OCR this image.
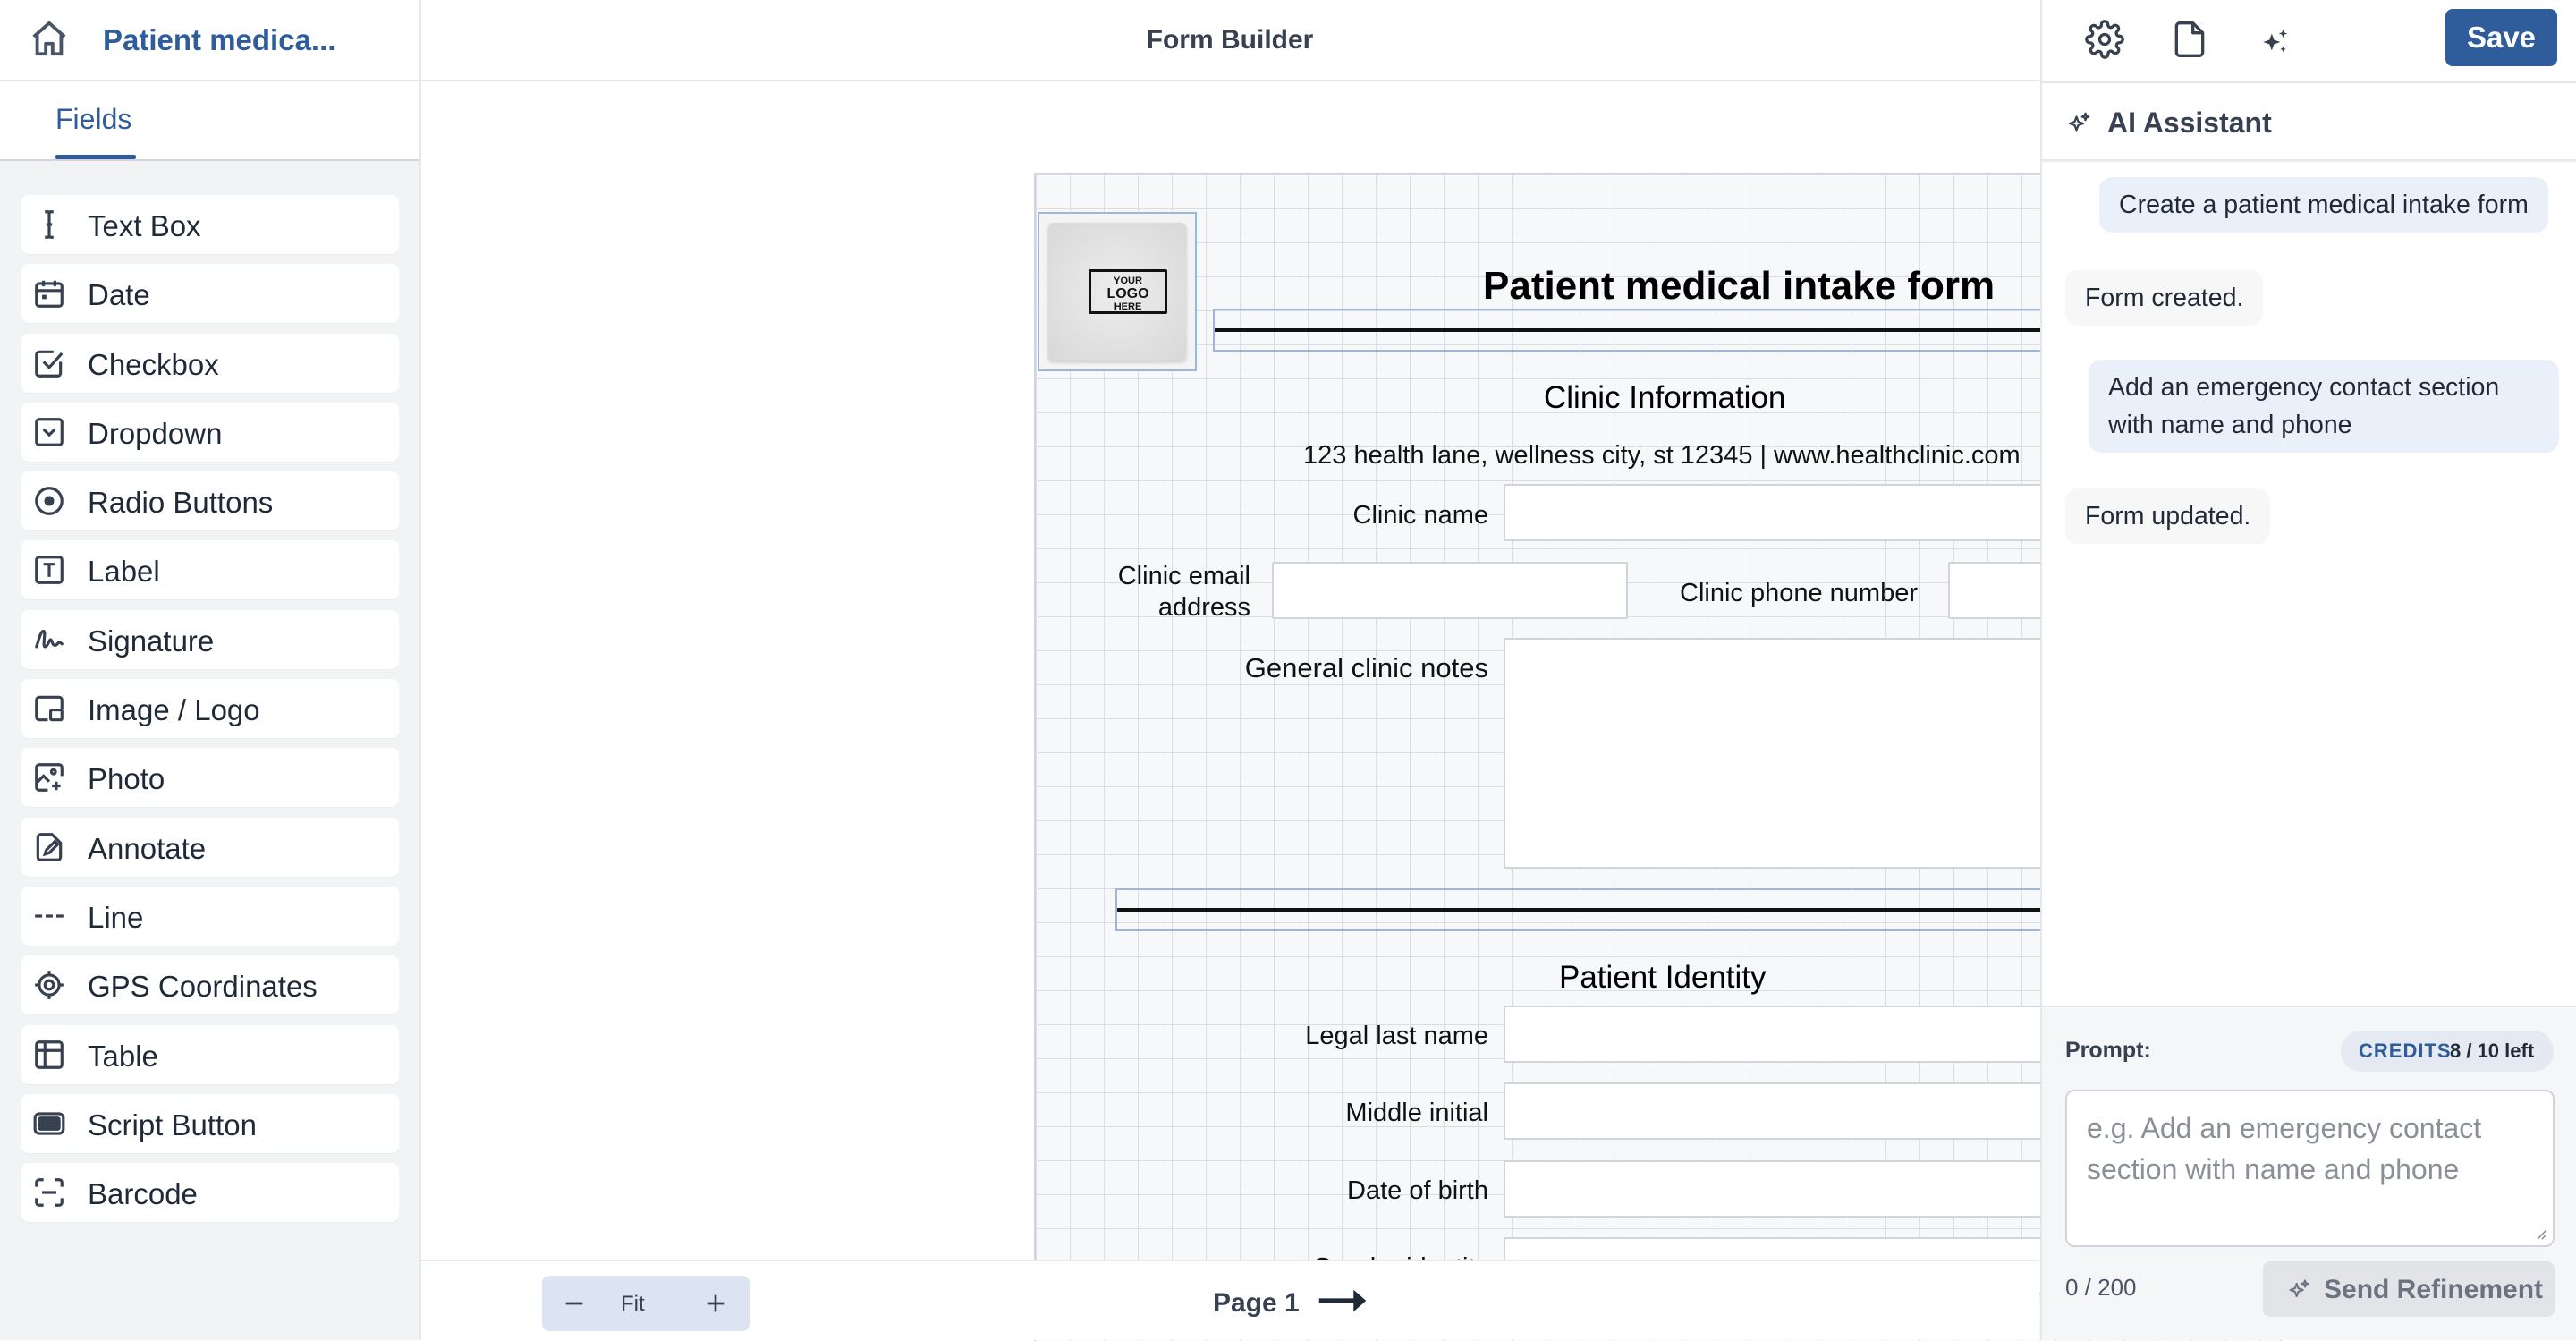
Patient medica...
Fields
Text Box
Date
Checkbox
Dropdown
Radio Buttons
Label
Signature
Image / Logo
Photo
Annotate
Line
GPS Coordinates
Table
Script Button
Barcode
Form Builder
YOUR
LOGO
HERE	Patient medical intake form
Clinic Information
123 health lane, wellness city, st 12345 | www.healthclinic.com
Clinic name
Clinic email
address	Clinic phone number
General clinic notes
Patient Identity
Legal last name
Middle initial
Date of birth
Fit	Page 1
Save
AI Assistant
Create a patient medical intake form
Form created.
Add an emergency contact section
with name and phone
Form updated.
Prompt:	CREDITS
8 / 10 left
e.g. Add an emergency contact
section with name and phone
0 / 200	Send Refinement
